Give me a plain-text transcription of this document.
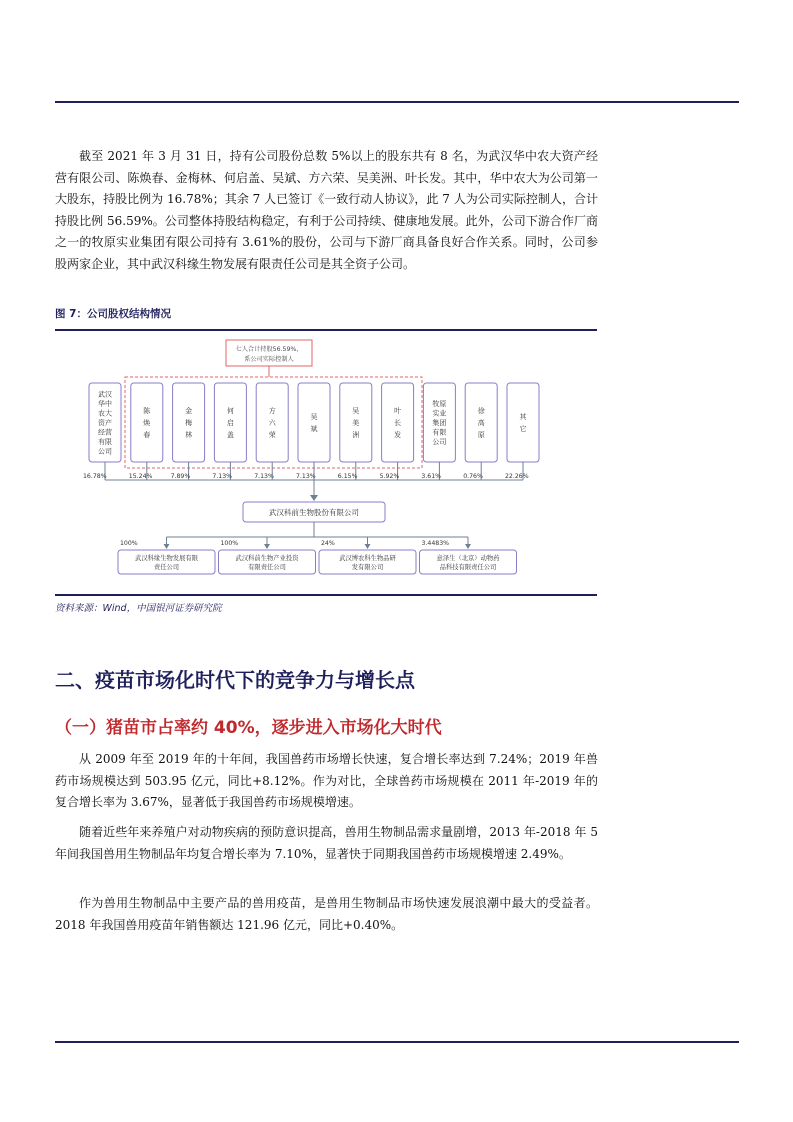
截至 2021 年 3 月 31 日，持有公司股份总数 5%以上的股东共有 8 名，为武汉华中农大资产经营有限公司、陈焕春、金梅林、何启盖、吴斌、方六荣、吴美洲、叶长发。其中，华中农大为公司第一大股东，持股比例为 16.78%；其余 7 人已签订《一致行动人协议》，此 7 人为公司实际控制人，合计持股比例 56.59%。公司整体持股结构稳定，有利于公司持续、健康地发展。此外，公司下游合作厂商之一的牧原实业集团有限公司持有 3.61%的股份，公司与下游厂商具备良好合作关系。同时，公司参股两家企业，其中武汉科缘生物发展有限责任公司是其全资子公司。

图 7：公司股权结构情况
七人合计持股56.59%，
系公司实际控制人
武汉
华中
农大
资产
经营
有限
公司
16.78%
陈
焕
春
15.24%
金
梅
林
7.89%
何
启
盖
7.13%
方
六
荣
7.13%
吴
斌
7.13%
吴
美
洲
6.15%
叶
长
发
5.92%
牧原
实业
集团
有限
公司
3.61%
徐
高
原
0.76%
其
它
22.26%
武汉科前生物股份有限公司
100%
武汉科缘生物发展有限
责任公司
100%
武汉科前生物产业投资
有限责任公司
24%
武汉博农科生物品研
发有限公司
3.4483%
意泽生（北京）动物药
品科技有限责任公司
资料来源：Wind，中国银河证券研究院
二、疫苗市场化时代下的竞争力与增长点
（一）猪苗市占率约 40%，逐步进入市场化大时代

从 2009 年至 2019 年的十年间，我国兽药市场增长快速，复合增长率达到 7.24%；2019 年兽药市场规模达到 503.95 亿元，同比+8.12%。作为对比，全球兽药市场规模在 2011 年-2019 年的复合增长率为 3.67%，显著低于我国兽药市场规模增速。

随着近些年来养殖户对动物疾病的预防意识提高，兽用生物制品需求量剧增，2013 年-2018 年 5 年间我国兽用生物制品年均复合增长率为 7.10%，显著快于同期我国兽药市场规模增速 2.49%。

作为兽用生物制品中主要产品的兽用疫苗，是兽用生物制品市场快速发展浪潮中最大的受益者。2018 年我国兽用疫苗年销售额达 121.96 亿元，同比+0.40%。
